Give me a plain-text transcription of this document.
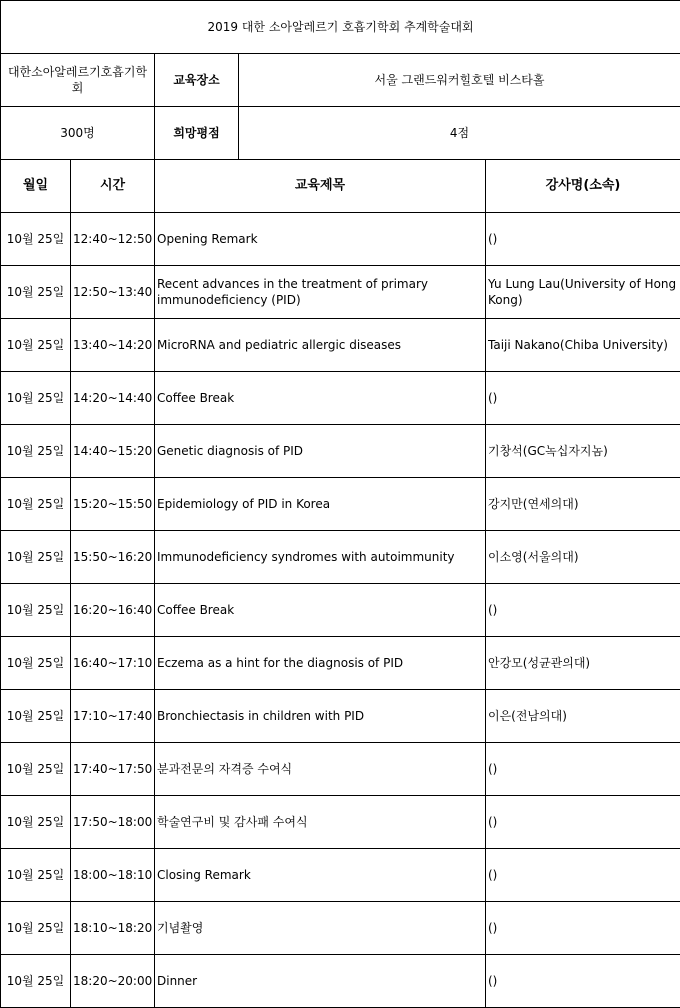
2019 대한 소아알레르기 호흡기학회 추계학술대회				
대한소아알레르기호흡기학회		교육장소	서울 그랜드워커힐호텔 비스타홀	
300명		희망평점	4점	
월일	시간	교육제목		강사명(소속)
10월 25일	12:40~12:50	Opening Remark		()
10월 25일	12:50~13:40	Recent advances in the treatment of primary immunodeficiency (PID)		Yu Lung Lau(University of Hong Kong)
10월 25일	13:40~14:20	MicroRNA and pediatric allergic diseases		Taiji Nakano(Chiba University)
10월 25일	14:20~14:40	Coffee Break		()
10월 25일	14:40~15:20	Genetic diagnosis of PID		기창석(GC녹십자지놈)
10월 25일	15:20~15:50	Epidemiology of PID in Korea		강지만(연세의대)
10월 25일	15:50~16:20	Immunodeficiency syndromes with autoimmunity		이소영(서울의대)
10월 25일	16:20~16:40	Coffee Break		()
10월 25일	16:40~17:10	Eczema as a hint for the diagnosis of PID		안강모(성균관의대)
10월 25일	17:10~17:40	Bronchiectasis in children with PID		이은(전남의대)
10월 25일	17:40~17:50	분과전문의 자격증 수여식		()
10월 25일	17:50~18:00	학술연구비 및 감사패 수여식		()
10월 25일	18:00~18:10	Closing Remark		()
10월 25일	18:10~18:20	기념촬영		()
10월 25일	18:20~20:00	Dinner		()
